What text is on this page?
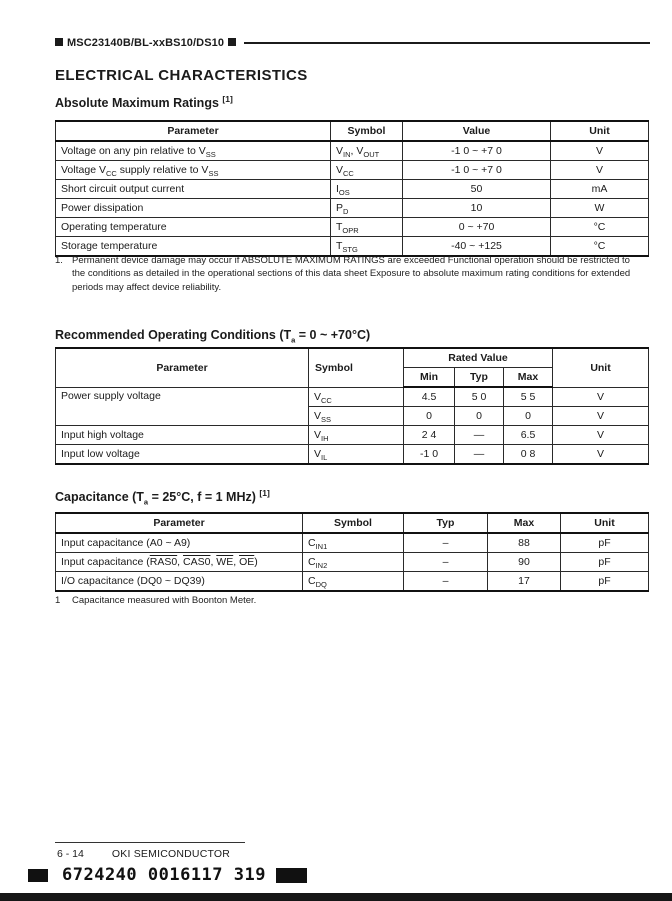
MSC23140B/BL-xxBS10/DS10
ELECTRICAL CHARACTERISTICS
Absolute Maximum Ratings [1]
Parameter	Symbol	Value	Unit
Voltage on any pin relative to $V_{SS}$	$V_{IN}$, $V_{OUT}$	-1 0 ~ +7 0	V
Voltage $V_{CC}$ supply relative to $V_{SS}$	$V_{CC}$	-1 0 ~ +7 0	V
Short circuit output current	$I_{OS}$	50	mA
Power dissipation	$P_D$	10	W
Operating temperature	$T_{OPR}$	0 ~ +70	°C
Storage temperature	$T_{STG}$	-40 ~ +125	°C
1. Permanent device damage may occur if ABSOLUTE MAXIMUM RATINGS are exceeded Functional operation should be restricted to the conditions as detailed in the operational sections of this data sheet Exposure to absolute maximum rating conditions for extended periods may affect device reliability.
Recommended Operating Conditions ($T_a = 0$ ~ +70°C)
Parameter	Symbol	Rated Value			Unit
		Min	Typ	Max	
Power supply voltage	$V_{CC}$	4.5	5 0	5 5	V
	$V_{SS}$	0	0	0	V
Input high voltage	$V_{IH}$	2 4	—	6.5	V
Input low voltage	$V_{IL}$	-1 0	—	0 8	V
Capacitance ($T_a = 25^\circ C$, f = 1 MHz) [1]
Parameter	Symbol	Typ	Max	Unit
Input capacitance (A0 ~ A9)	$C_{IN1}$	–	88	pF
Input capacitance (RAS0, CAS0, $\overline{WE}$, $\overline{OE}$)	$C_{IN2}$	–	90	pF
I/O capacitance (DQ0 ~ DQ39)	$C_{DQ}$	–	17	pF
1 Capacitance measured with Boonton Meter.
6 - 14	OKI SEMICONDUCTOR
6724240 0016117 319
